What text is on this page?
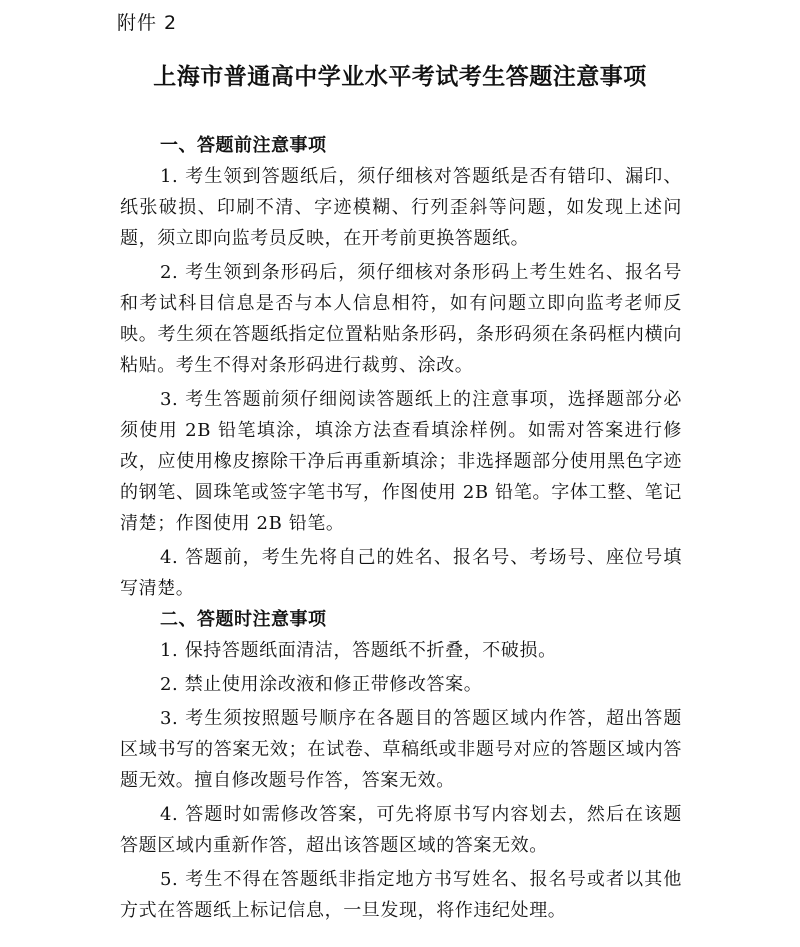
附件 2
上海市普通高中学业水平考试考生答题注意事项

一、答题前注意事项

1. 考生领到答题纸后，须仔细核对答题纸是否有错印、漏印、纸张破损、印刷不清、字迹模糊、行列歪斜等问题，如发现上述问题，须立即向监考员反映，在开考前更换答题纸。

2. 考生领到条形码后，须仔细核对条形码上考生姓名、报名号和考试科目信息是否与本人信息相符，如有问题立即向监考老师反映。考生须在答题纸指定位置粘贴条形码，条形码须在条码框内横向粘贴。考生不得对条形码进行裁剪、涂改。

3. 考生答题前须仔细阅读答题纸上的注意事项，选择题部分必须使用 2B 铅笔填涂，填涂方法查看填涂样例。如需对答案进行修改，应使用橡皮擦除干净后再重新填涂；非选择题部分使用黑色字迹的钢笔、圆珠笔或签字笔书写，作图使用 2B 铅笔。字体工整、笔记清楚；作图使用 2B 铅笔。

4. 答题前，考生先将自己的姓名、报名号、考场号、座位号填写清楚。

二、答题时注意事项

1. 保持答题纸面清洁，答题纸不折叠，不破损。

2. 禁止使用涂改液和修正带修改答案。

3. 考生须按照题号顺序在各题目的答题区域内作答，超出答题区域书写的答案无效；在试卷、草稿纸或非题号对应的答题区域内答题无效。擅自修改题号作答，答案无效。

4. 答题时如需修改答案，可先将原书写内容划去，然后在该题答题区域内重新作答，超出该答题区域的答案无效。

5. 考生不得在答题纸非指定地方书写姓名、报名号或者以其他方式在答题纸上标记信息，一旦发现，将作违纪处理。
